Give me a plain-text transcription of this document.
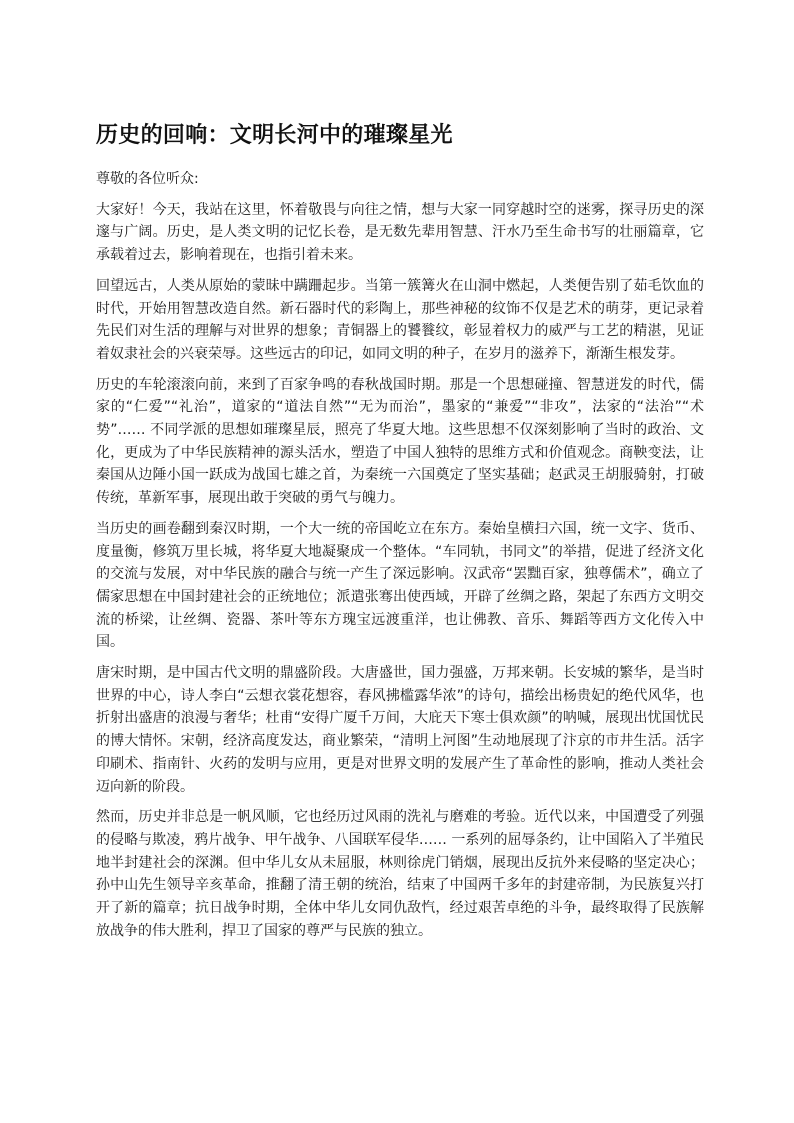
历史的回响：文明长河中的璀璨星光

尊敬的各位听众:

大家好！今天，我站在这里，怀着敬畏与向往之情，想与大家一同穿越时空的迷雾，探寻历史的深邃与广阔。历史，是人类文明的记忆长卷，是无数先辈用智慧、汗水乃至生命书写的壮丽篇章，它承载着过去，影响着现在，也指引着未来。

回望远古，人类从原始的蒙昧中蹒跚起步。当第一簇篝火在山洞中燃起，人类便告别了茹毛饮血的时代，开始用智慧改造自然。新石器时代的彩陶上，那些神秘的纹饰不仅是艺术的萌芽，更记录着先民们对生活的理解与对世界的想象；青铜器上的饕餮纹，彰显着权力的威严与工艺的精湛，见证着奴隶社会的兴衰荣辱。这些远古的印记，如同文明的种子，在岁月的滋养下，渐渐生根发芽。

历史的车轮滚滚向前，来到了百家争鸣的春秋战国时期。那是一个思想碰撞、智慧迸发的时代，儒家的“仁爱”“礼治”，道家的“道法自然”“无为而治”，墨家的“兼爱”“非攻”，法家的“法治”“术势”…… 不同学派的思想如璀璨星辰，照亮了华夏大地。这些思想不仅深刻影响了当时的政治、文化，更成为了中华民族精神的源头活水，塑造了中国人独特的思维方式和价值观念。商鞅变法，让秦国从边陲小国一跃成为战国七雄之首，为秦统一六国奠定了坚实基础；赵武灵王胡服骑射，打破传统，革新军事，展现出敢于突破的勇气与魄力。

当历史的画卷翻到秦汉时期，一个大一统的帝国屹立在东方。秦始皇横扫六国，统一文字、货币、度量衡，修筑万里长城，将华夏大地凝聚成一个整体。“车同轨，书同文”的举措，促进了经济文化的交流与发展，对中华民族的融合与统一产生了深远影响。汉武帝“罢黜百家，独尊儒术”，确立了儒家思想在中国封建社会的正统地位；派遣张骞出使西域，开辟了丝绸之路，架起了东西方文明交流的桥梁，让丝绸、瓷器、茶叶等东方瑰宝远渡重洋，也让佛教、音乐、舞蹈等西方文化传入中国。

唐宋时期，是中国古代文明的鼎盛阶段。大唐盛世，国力强盛，万邦来朝。长安城的繁华，是当时世界的中心，诗人李白“云想衣裳花想容，春风拂槛露华浓”的诗句，描绘出杨贵妃的绝代风华，也折射出盛唐的浪漫与奢华；杜甫“安得广厦千万间，大庇天下寒士俱欢颜”的呐喊，展现出忧国忧民的博大情怀。宋朝，经济高度发达，商业繁荣，“清明上河图”生动地展现了汴京的市井生活。活字印刷术、指南针、火药的发明与应用，更是对世界文明的发展产生了革命性的影响，推动人类社会迈向新的阶段。

然而，历史并非总是一帆风顺，它也经历过风雨的洗礼与磨难的考验。近代以来，中国遭受了列强的侵略与欺凌，鸦片战争、甲午战争、八国联军侵华…… 一系列的屈辱条约，让中国陷入了半殖民地半封建社会的深渊。但中华儿女从未屈服，林则徐虎门销烟，展现出反抗外来侵略的坚定决心；孙中山先生领导辛亥革命，推翻了清王朝的统治，结束了中国两千多年的封建帝制，为民族复兴打开了新的篇章；抗日战争时期，全体中华儿女同仇敌忾，经过艰苦卓绝的斗争，最终取得了民族解放战争的伟大胜利，捍卫了国家的尊严与民族的独立。
